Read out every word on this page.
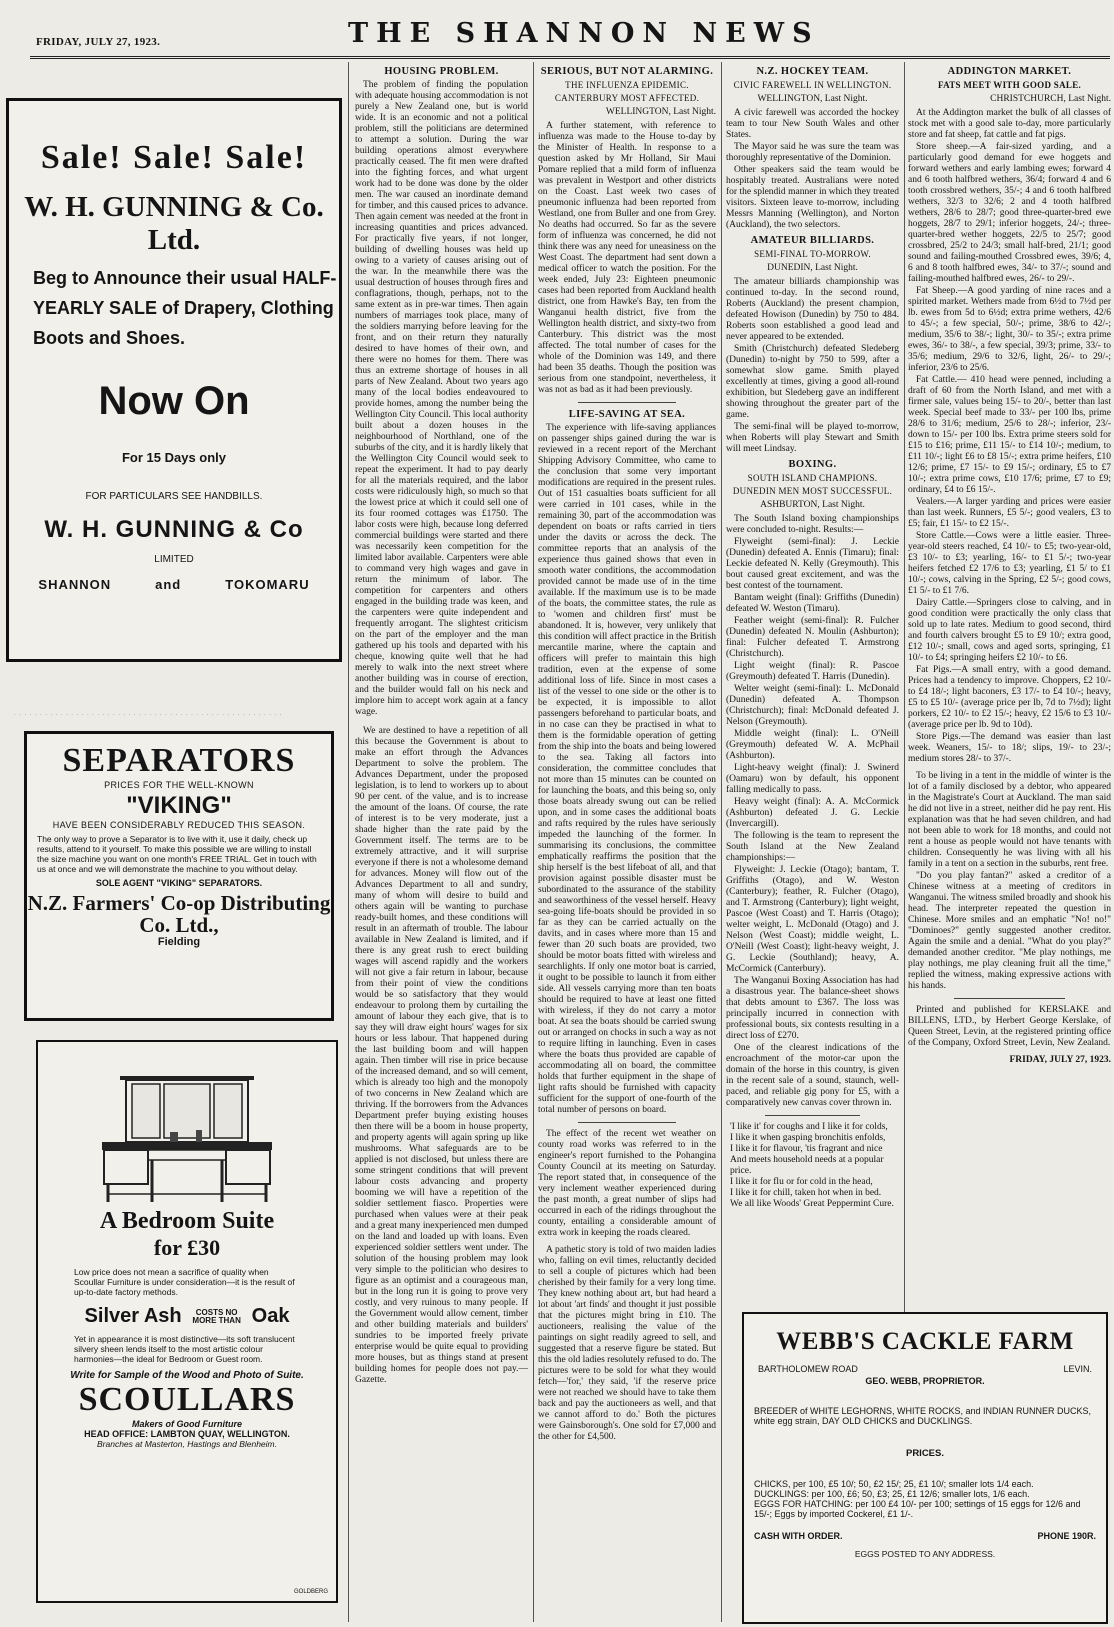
FRIDAY, JULY 27, 1923.	THE SHANNON NEWS
Sale! Sale! Sale!
W. H. GUNNING & Co. Ltd.
Beg to Announce their usual HALF-YEARLY SALE of Drapery, Clothing Boots and Shoes.
Now On
For 15 Days only
FOR PARTICULARS SEE HANDBILLS.
W. H. GUNNING & Co
LIMITED
SHANNON	and	TOKOMARU
· · · · · · · · · · · · · · · · · · · · · · · · · · · · · · · · · · · · · · · · · · · · · · · · · · · ·
SEPARATORS
PRICES FOR THE WELL-KNOWN
"VIKING"
HAVE BEEN CONSIDERABLY REDUCED THIS SEASON.
The only way to prove a Separator is to live with it, use it daily, check up results, attend to it yourself. To make this possible we are willing to install the size machine you want on one month's FREE TRIAL. Get in touch with us at once and we will demonstrate the machine to you without delay.
SOLE AGENT "VIKING" SEPARATORS.
N.Z. Farmers' Co-op Distributing Co. Ltd.,
Fielding
A Bedroom Suite
for £30
Low price does not mean a sacrifice of quality when Scoullar Furniture is under consideration—it is the result of up-to-date factory methods.
Silver Ash	COSTS NO MORE THAN Oak
Yet in appearance it is most distinctive—its soft translucent silvery sheen lends itself to the most artistic colour harmonies—the ideal for Bedroom or Guest room.
Write for Sample of the Wood and Photo of Suite.
SCOULLARS
Makers of Good Furniture
HEAD OFFICE: LAMBTON QUAY, WELLINGTON.
Branches at Masterton, Hastings and Blenheim.
GOLDBERG
HOUSING PROBLEM.

The problem of finding the population with adequate housing accommodation is not purely a New Zealand one, but is world wide. It is an economic and not a political problem, still the politicians are determined to attempt a solution. During the war building operations almost everywhere practically ceased. The fit men were drafted into the fighting forces, and what urgent work had to be done was done by the older men. The war caused an inordinate demand for timber, and this caused prices to advance. Then again cement was needed at the front in increasing quantities and prices advanced. For practically five years, if not longer, building of dwelling houses was held up owing to a variety of causes arising out of the war. In the meanwhile there was the usual destruction of houses through fires and conflagrations, though, perhaps, not to the same extent as in pre-war times. Then again numbers of marriages took place, many of the soldiers marrying before leaving for the front, and on their return they naturally desired to have homes of their own, and there were no homes for them. There was thus an extreme shortage of houses in all parts of New Zealand. About two years ago many of the local bodies endeavoured to provide homes, among the number being the Wellington City Council. This local authority built about a dozen houses in the neighbourhood of Northland, one of the suburbs of the city, and it is hardly likely that the Wellington City Council would seek to repeat the experiment. It had to pay dearly for all the materials required, and the labor costs were ridiculously high, so much so that the lowest price at which it could sell one of its four roomed cottages was £1750. The labor costs were high, because long deferred commercial buildings were started and there was necessarily keen competition for the limited labor available. Carpenters were able to command very high wages and gave in return the minimum of labor. The competition for carpenters and others engaged in the building trade was keen, and the carpenters were quite independent and frequently arrogant. The slightest criticism on the part of the employer and the man gathered up his tools and departed with his cheque, knowing quite well that he had merely to walk into the next street where another building was in course of erection, and the builder would fall on his neck and implore him to accept work again at a fancy wage.

We are destined to have a repetition of all this because the Government is about to make an effort through the Advances Department to solve the problem. The Advances Department, under the proposed legislation, is to lend to workers up to about 90 per cent. of the value, and is to increase the amount of the loans. Of course, the rate of interest is to be very moderate, just a shade higher than the rate paid by the Government itself. The terms are to be extremely attractive, and it will surprise everyone if there is not a wholesome demand for advances. Money will flow out of the Advances Department to all and sundry, many of whom will desire to build and others again will be wanting to purchase ready-built homes, and these conditions will result in an aftermath of trouble. The labour available in New Zealand is limited, and if there is any great rush to erect building wages will ascend rapidly and the workers will not give a fair return in labour, because from their point of view the conditions would be so satisfactory that they would endeavour to prolong them by curtailing the amount of labour they each give, that is to say they will draw eight hours' wages for six hours or less labour. That happened during the last building boom and will happen again. Then timber will rise in price because of the increased demand, and so will cement, which is already too high and the monopoly of two concerns in New Zealand which are thriving. If the borrowers from the Advances Department prefer buying existing houses then there will be a boom in house property, and property agents will again spring up like mushrooms. What safeguards are to be applied is not disclosed, but unless there are some stringent conditions that will prevent labour costs advancing and property booming we will have a repetition of the soldier settlement fiasco. Properties were purchased when values were at their peak and a great many inexperienced men dumped on the land and loaded up with loans. Even experienced soldier settlers went under. The solution of the housing problem may look very simple to the politician who desires to figure as an optimist and a courageous man, but in the long run it is going to prove very costly, and very ruinous to many people. If the Government would allow cement, timber and other building materials and builders' sundries to be imported freely private enterprise would be quite equal to providing more houses, but as things stand at present building homes for people does not pay.—Gazette.

SERIOUS, BUT NOT ALARMING.
THE INFLUENZA EPIDEMIC.
CANTERBURY MOST AFFECTED.
WELLINGTON, Last Night.

A further statement, with reference to influenza was made to the House to-day by the Minister of Health. In response to a question asked by Mr Holland, Sir Maui Pomare replied that a mild form of influenza was prevalent in Westport and other districts on the Coast. Last week two cases of pneumonic influenza had been reported from Westland, one from Buller and one from Grey. No deaths had occurred. So far as the severe form of influenza was concerned, he did not think there was any need for uneasiness on the West Coast. The department had sent down a medical officer to watch the position. For the week ended, July 23: Eighteen pneumonic cases had been reported from Auckland health district, one from Hawke's Bay, ten from the Wanganui health district, five from the Wellington health district, and sixty-two from Canterbury. This district was the most affected. The total number of cases for the whole of the Dominion was 149, and there had been 35 deaths. Though the position was serious from one standpoint, nevertheless, it was not as bad as it had been previously.

LIFE-SAVING AT SEA.

The experience with life-saving appliances on passenger ships gained during the war is reviewed in a recent report of the Merchant Shipping Advisory Committee, who came to the conclusion that some very important modifications are required in the present rules. Out of 151 casualties boats sufficient for all were carried in 101 cases, while in the remaining 30, part of the accommodation was dependent on boats or rafts carried in tiers under the davits or across the deck. The committee reports that an analysis of the experience thus gained shows that even in smooth water conditions, the accommodation provided cannot be made use of in the time available. If the maximum use is to be made of the boats, the committee states, the rule as to 'women and children first' must be abandoned. It is, however, very unlikely that this condition will affect practice in the British mercantile marine, where the captain and officers will prefer to maintain this high tradition, even at the expense of some additional loss of life. Since in most cases a list of the vessel to one side or the other is to be expected, it is impossible to allot passengers beforehand to particular boats, and in no case can they be practised in what to them is the formidable operation of getting from the ship into the boats and being lowered to the sea. Taking all factors into consideration, the committee concludes that not more than 15 minutes can be counted on for launching the boats, and this being so, only those boats already swung out can be relied upon, and in some cases the additional boats and rafts required by the rules have seriously impeded the launching of the former. In summarising its conclusions, the committee emphatically reaffirms the position that the ship herself is the best lifeboat of all, and that provision against possible disaster must be subordinated to the assurance of the stability and seaworthiness of the vessel herself. Heavy sea-going life-boats should be provided in so far as they can be carried actually on the davits, and in cases where more than 15 and fewer than 20 such boats are provided, two should be motor boats fitted with wireless and searchlights. If only one motor boat is carried, it ought to be possible to launch it from either side. All vessels carrying more than ten boats should be required to have at least one fitted with wireless, if they do not carry a motor boat. At sea the boats should be carried swung out or arranged on chocks in such a way as not to require lifting in launching. Even in cases where the boats thus provided are capable of accommodating all on board, the committee holds that further equipment in the shape of light rafts should be furnished with capacity sufficient for the support of one-fourth of the total number of persons on board.

The effect of the recent wet weather on county road works was referred to in the engineer's report furnished to the Pohangina County Council at its meeting on Saturday. The report stated that, in consequence of the very inclement weather experienced during the past month, a great number of slips had occurred in each of the ridings throughout the county, entailing a considerable amount of extra work in keeping the roads cleared.

A pathetic story is told of two maiden ladies who, falling on evil times, reluctantly decided to sell a couple of pictures which had been cherished by their family for a very long time. They knew nothing about art, but had heard a lot about 'art finds' and thought it just possible that the pictures might bring in £10. The auctioneers, realising the value of the paintings on sight readily agreed to sell, and suggested that a reserve figure be stated. But this the old ladies resolutely refused to do. The pictures were to be sold for what they would fetch—'for,' they said, 'if the reserve price were not reached we should have to take them back and pay the auctioneers as well, and that we cannot afford to do.' Both the pictures were Gainsborough's. One sold for £7,000 and the other for £4,500.

N.Z. HOCKEY TEAM.
CIVIC FAREWELL IN WELLINGTON.
WELLINGTON, Last Night.

A civic farewell was accorded the hockey team to tour New South Wales and other States.

The Mayor said he was sure the team was thoroughly representative of the Dominion.

Other speakers said the team would be hospitably treated. Australians were noted for the splendid manner in which they treated visitors. Sixteen leave to-morrow, including Messrs Manning (Wellington), and Norton (Auckland), the two selectors.

AMATEUR BILLIARDS.
SEMI-FINAL TO-MORROW.
DUNEDIN, Last Night.

The amateur billiards championship was continued to-day. In the second round, Roberts (Auckland) the present champion, defeated Howison (Dunedin) by 750 to 484. Roberts soon established a good lead and never appeared to be extended.

Smith (Christchurch) defeated Sledeberg (Dunedin) to-night by 750 to 599, after a somewhat slow game. Smith played excellently at times, giving a good all-round exhibition, but Sledeberg gave an indifferent showing throughout the greater part of the game.

The semi-final will be played to-morrow, when Roberts will play Stewart and Smith will meet Lindsay.

BOXING.
SOUTH ISLAND CHAMPIONS.
DUNEDIN MEN MOST SUCCESSFUL.
ASHBURTON, Last Night.

The South Island boxing championships were concluded to-night. Results:—

Flyweight (semi-final): J. Leckie (Dunedin) defeated A. Ennis (Timaru); final: Leckie defeated N. Kelly (Greymouth). This bout caused great excitement, and was the best contest of the tournament.

Bantam weight (final): Griffiths (Dunedin) defeated W. Weston (Timaru).

Feather weight (semi-final): R. Fulcher (Dunedin) defeated N. Moulin (Ashburton); final: Fulcher defeated T. Armstrong (Christchurch).

Light weight (final): R. Pascoe (Greymouth) defeated T. Harris (Dunedin).

Welter weight (semi-final): L. McDonald (Dunedin) defeated A. Thompson (Christchurch); final: McDonald defeated J. Nelson (Greymouth).

Middle weight (final): L. O'Neill (Greymouth) defeated W. A. McPhail (Ashburton).

Light-heavy weight (final): J. Swinerd (Oamaru) won by default, his opponent falling medically to pass.

Heavy weight (final): A. A. McCormick (Ashburton) defeated J. G. Leckie (Invercargill).

The following is the team to represent the South Island at the New Zealand championships:—

Flyweight: J. Leckie (Otago); bantam, T. Griffiths (Otago), and W. Weston (Canterbury); feather, R. Fulcher (Otago), and T. Armstrong (Canterbury); light weight, Pascoe (West Coast) and T. Harris (Otago); welter weight, L. McDonald (Otago) and J. Nelson (West Coast); middle weight, L. O'Neill (West Coast); light-heavy weight, J. G. Leckie (Southland); heavy, A. McCormick (Canterbury).

The Wanganui Boxing Association has had a disastrous year. The balance-sheet shows that debts amount to £367. The loss was principally incurred in connection with professional bouts, six contests resulting in a direct loss of £270.

One of the clearest indications of the encroachment of the motor-car upon the domain of the horse in this country, is given in the recent sale of a sound, staunch, well-paced, and reliable gig pony for £5, with a comparatively new canvas cover thrown in.

'I like it' for coughs and I like it for colds,
I like it when gasping bronchitis enfolds,
I like it for flavour, 'tis fragrant and nice
And meets household needs at a popular price.
I like it for flu or for cold in the head,
I like it for chill, taken hot when in bed.
We all like Woods' Great Peppermint Cure.
ADDINGTON MARKET.
FATS MEET WITH GOOD SALE.
CHRISTCHURCH, Last Night.

At the Addington market the bulk of all classes of stock met with a good sale to-day, more particularly store and fat sheep, fat cattle and fat pigs.

Store sheep.—A fair-sized yarding, and a particularly good demand for ewe hoggets and forward wethers and early lambing ewes; forward 4 and 6 tooth halfbred wethers, 36/4; forward 4 and 6 tooth crossbred wethers, 35/-; 4 and 6 tooth halfbred wethers, 32/3 to 32/6; 2 and 4 tooth halfbred wethers, 28/6 to 28/7; good three-quarter-bred ewe hoggets, 28/7 to 29/1; inferior hoggets, 24/-; three-quarter-bred wether hoggets, 22/5 to 25/7; good crossbred, 25/2 to 24/3; small half-bred, 21/1; good sound and failing-mouthed Crossbred ewes, 39/6; 4, 6 and 8 tooth halfbred ewes, 34/- to 37/-; sound and failing-mouthed halfbred ewes, 26/- to 29/-.

Fat Sheep.—A good yarding of nine races and a spirited market. Wethers made from 6½d to 7½d per lb. ewes from 5d to 6½d; extra prime wethers, 42/6 to 45/-; a few special, 50/-; prime, 38/6 to 42/-; medium, 35/6 to 38/-; light, 30/- to 35/-; extra prime ewes, 36/- to 38/-, a few special, 39/3; prime, 33/- to 35/6; medium, 29/6 to 32/6, light, 26/- to 29/-; inferior, 23/6 to 25/6.

Fat Cattle.— 410 head were penned, including a draft of 60 from the North Island, and met with a firmer sale, values being 15/- to 20/-, better than last week. Special beef made to 33/- per 100 lbs, prime 28/6 to 31/6; medium, 25/6 to 28/-; inferior, 23/- down to 15/- per 100 lbs. Extra prime steers sold for £15 to £16; prime, £11 15/- to £14 10/-; medium, to £11 10/-; light £6 to £8 15/-; extra prime heifers, £10 12/6; prime, £7 15/- to £9 15/-; ordinary, £5 to £7 10/-; extra prime cows, £10 17/6; prime, £7 to £9; ordinary, £4 to £6 15/-.

Vealers.—A larger yarding and prices were easier than last week. Runners, £5 5/-; good vealers, £3 to £5; fair, £1 15/- to £2 15/-.

Store Cattle.—Cows were a little easier. Three-year-old steers reached, £4 10/- to £5; two-year-old, £3 10/- to £3; yearling, 16/- to £1 5/-; two-year heifers fetched £2 17/6 to £3; yearling, £1 5/ to £1 10/-; cows, calving in the Spring, £2 5/-; good cows, £1 5/- to £1 7/6.

Dairy Cattle.—Springers close to calving, and in good condition were practically the only class that sold up to late rates. Medium to good second, third and fourth calvers brought £5 to £9 10/; extra good, £12 10/-; small, cows and aged sorts, springing, £1 10/- to £4; springing heifers £2 10/- to £6.

Fat Pigs.—A small entry, with a good demand. Prices had a tendency to improve. Choppers, £2 10/- to £4 18/-; light baconers, £3 17/- to £4 10/-; heavy, £5 to £5 10/- (average price per lb, 7d to 7½d); light porkers, £2 10/- to £2 15/-; heavy, £2 15/6 to £3 10/- (average price per lb. 9d to 10d).

Store Pigs.—The demand was easier than last week. Weaners, 15/- to 18/; slips, 19/- to 23/-; medium stores 28/- to 37/-.

To be living in a tent in the middle of winter is the lot of a family disclosed by a debtor, who appeared in the Magistrate's Court at Auckland. The man said he did not live in a street, neither did he pay rent. His explanation was that he had seven children, and had not been able to work for 18 months, and could not rent a house as people would not have tenants with children. Consequently he was living with all his family in a tent on a section in the suburbs, rent free.

"Do you play fantan?" asked a creditor of a Chinese witness at a meeting of creditors in Wanganui. The witness smiled broadly and shook his head. The interpreter repeated the question in Chinese. More smiles and an emphatic "No! no!" "Dominoes?" gently suggested another creditor. Again the smile and a denial. "What do you play?" demanded another creditor. "Me play nothings, me play nothings, me play cleaning fruit all the time," replied the witness, making expressive actions with his hands.

Printed and published for KERSLAKE and BILLENS, LTD., by Herbert George Kerslake, of Queen Street, Levin, at the registered printing office of the Company, Oxford Street, Levin, New Zealand.

FRIDAY, JULY 27, 1923.
WEBB'S CACKLE FARM
BARTHOLOMEW ROAD	LEVIN.
GEO. WEBB, PROPRIETOR.
BREEDER of WHITE LEGHORNS, WHITE ROCKS, and INDIAN RUNNER DUCKS, white egg strain, DAY OLD CHICKS and DUCKLINGS.
PRICES.
CHICKS, per 100, £5 10/; 50, £2 15/; 25, £1 10/; smaller lots 1/4 each.
DUCKLINGS: per 100, £6; 50, £3; 25, £1 12/6; smaller lots, 1/6 each.
EGGS FOR HATCHING: per 100 £4 10/- per 100; settings of 15 eggs for 12/6 and 15/-; Eggs by imported Cockerel, £1 1/-.
CASH WITH ORDER.	PHONE 190R.
EGGS POSTED TO ANY ADDRESS.
